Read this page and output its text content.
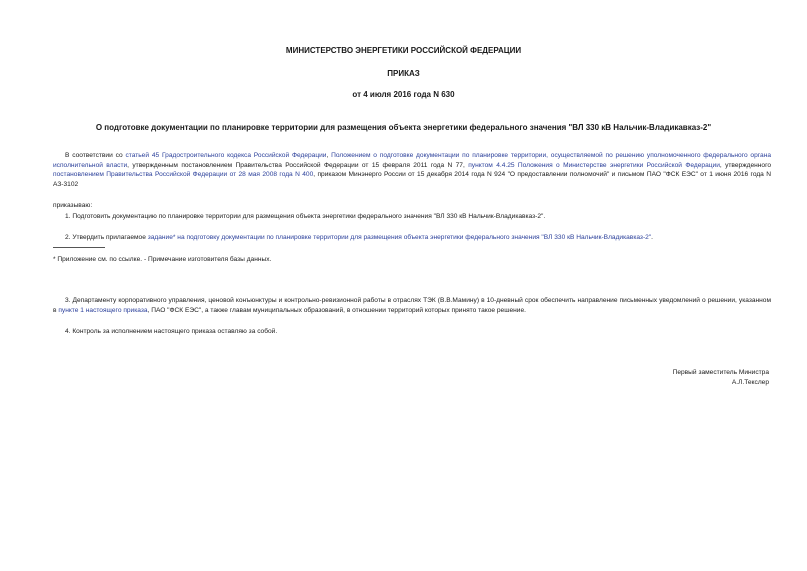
МИНИСТЕРСТВО ЭНЕРГЕТИКИ РОССИЙСКОЙ ФЕДЕРАЦИИ
ПРИКАЗ
от 4 июля 2016 года N 630
О подготовке документации по планировке территории для размещения объекта энергетики федерального значения "ВЛ 330 кВ Нальчик-Владикавказ-2"
В соответствии со статьей 45 Градостроительного кодекса Российской Федерации, Положением о подготовке документации по планировке территории, осуществляемой по решению уполномоченного федерального органа исполнительной власти, утвержденным постановлением Правительства Российской Федерации от 15 февраля 2011 года N 77, пунктом 4.4.25 Положения о Министерстве энергетики Российской Федерации, утвержденного постановлением Правительства Российской Федерации от 28 мая 2008 года N 400, приказом Минэнерго России от 15 декабря 2014 года N 924 "О предоставлении полномочий" и письмом ПАО "ФСК ЕЭС" от 1 июня 2016 года N АЗ-3102
приказываю:
1. Подготовить документацию по планировке территории для размещения объекта энергетики федерального значения "ВЛ 330 кВ Нальчик-Владикавказ-2".
2. Утвердить прилагаемое задание* на подготовку документации по планировке территории для размещения объекта энергетики федерального значения "ВЛ 330 кВ Нальчик-Владикавказ-2".
* Приложение см. по ссылке. - Примечание изготовителя базы данных.
3. Департаменту корпоративного управления, ценовой конъюнктуры и контрольно-ревизионной работы в отраслях ТЭК (В.В.Мамину) в 10-дневный срок обеспечить направление письменных уведомлений о решении, указанном в пункте 1 настоящего приказа, ПАО "ФСК ЕЭС", а также главам муниципальных образований, в отношении территорий которых принято такое решение.
4. Контроль за исполнением настоящего приказа оставляю за собой.
Первый заместитель Министра
А.Л.Текслер
